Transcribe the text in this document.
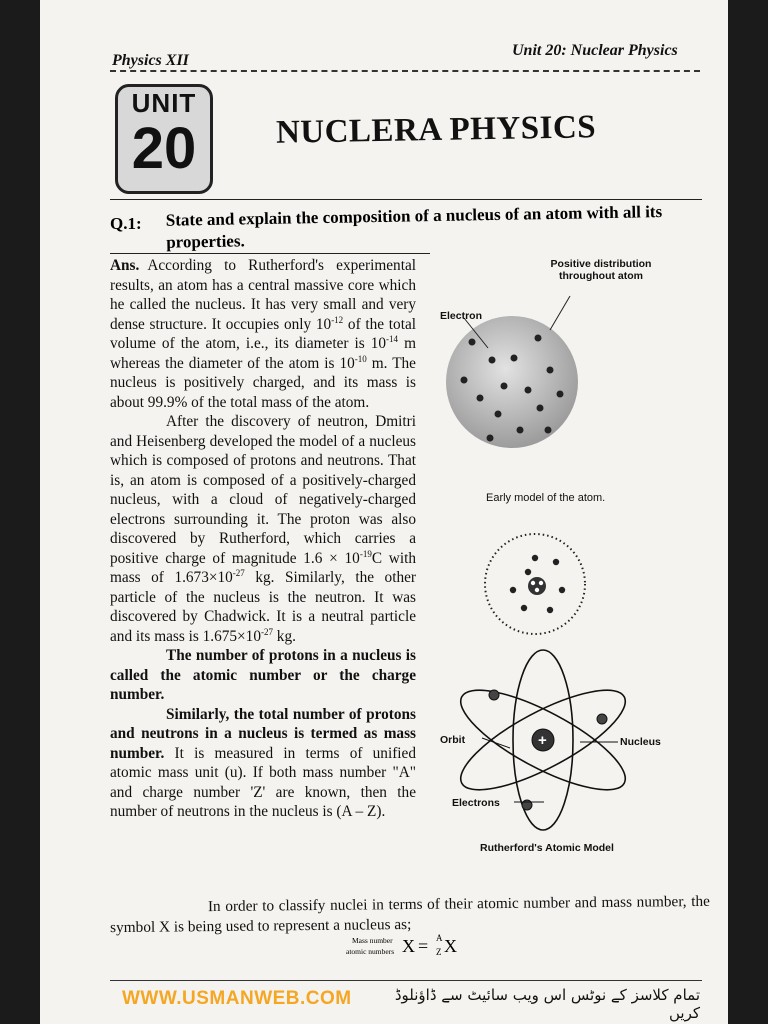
Physics XII
Unit 20: Nuclear Physics
UNIT
20	NUCLERA PHYSICS
Q.1: State and explain the composition of a nucleus of an atom with all its properties.

Ans. According to Rutherford's experimental results, an atom has a central massive core which he called the nucleus. It has very small and very dense structure. It occupies only $10^{-12}$ of the total volume of the atom, i.e., its diameter is $10^{-14}$ m whereas the diameter of the atom is $10^{-10}$ m. The nucleus is positively charged, and its mass is about 99.9% of the total mass of the atom.

After the discovery of neutron, Dmitri and Heisenberg developed the model of a nucleus which is composed of protons and neutrons. That is, an atom is composed of a positively-charged nucleus, with a cloud of negatively-charged electrons surrounding it. The proton was also discovered by Rutherford, which carries a positive charge of magnitude $1.6 \times 10^{-19}C$ with mass of $1.673\times 10^{-27}$ kg. Similarly, the other particle of the nucleus is the neutron. It was discovered by Chadwick. It is a neutral particle and its mass is $1.675\times 10^{-27}$ kg.

The number of protons in a nucleus is called the atomic number or the charge number.

Similarly, the total number of protons and neutrons in a nucleus is termed as mass number. It is measured in terms of unified atomic mass unit (u). If both mass number "A" and charge number 'Z' are known, then the number of neutrons in the nucleus is (A – Z).

Positive distribution throughout atom
Electron
Early model of the atom.
+
Orbit	Nucleus
Electrons
Rutherford's Atomic Model
In order to classify nuclei in terms of their atomic number and mass number, the symbol X is being used to represent a nucleus as;
Mass number
atomic numbers X = A
Z X
WWW.USMANWEB.COM	تمام کلاسز کے نوٹس اس ویب سائیٹ سے ڈاؤنلوڈ کریں
